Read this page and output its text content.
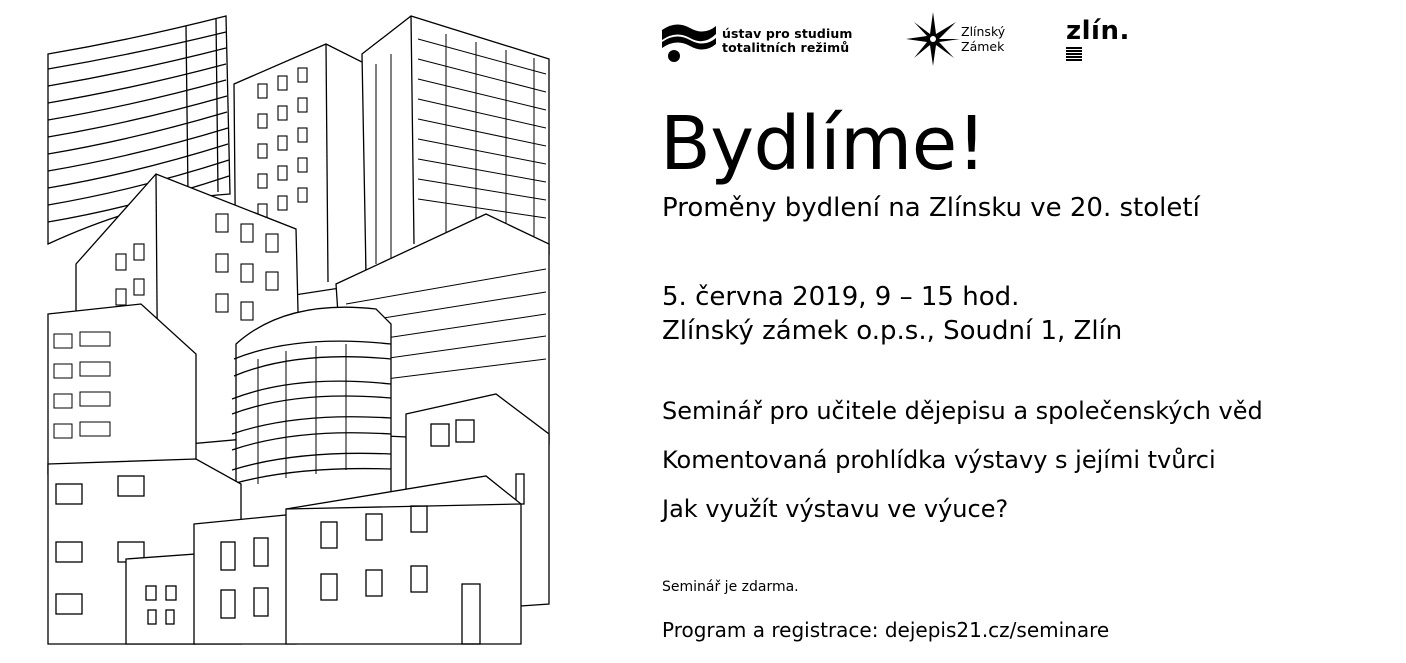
ústav pro studium
totalitních režimů
Zlínský
Zámek
zlín.
Bydlíme!
Proměny bydlení na Zlínsku ve 20. století
5. června 2019, 9 – 15 hod.
Zlínský zámek o.p.s., Soudní 1, Zlín
Seminář pro učitele dějepisu a společenských věd
Komentovaná prohlídka výstavy s jejími tvůrci
Jak využít výstavu ve výuce?
Seminář je zdarma.
Program a registrace: dejepis21.cz/seminare
